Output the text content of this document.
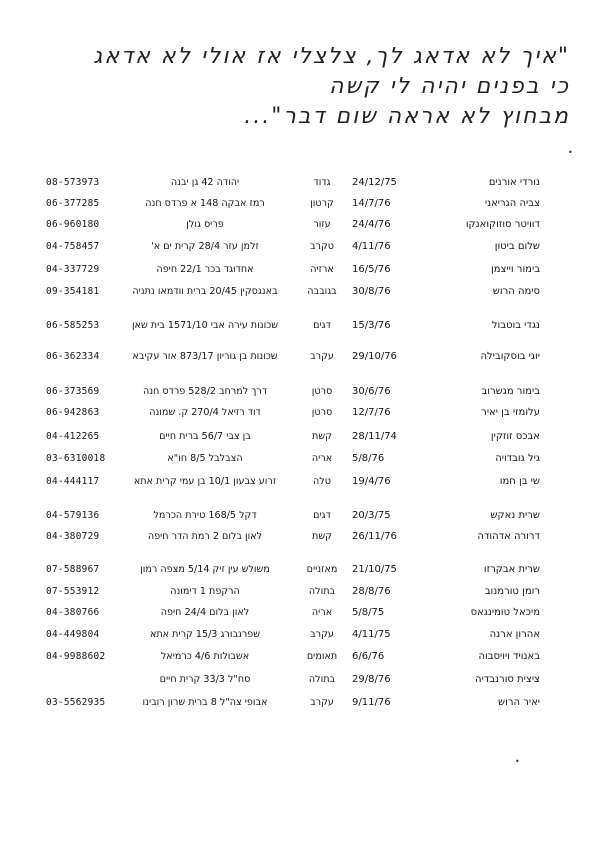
"איך לא אדאג לך, צלצלי אז אולי לא אדאג
כי בפנים יהיה לי קשה
מבחוץ לא אראה שום דבר"...
•
נורדי אורנים
24/12/75
גדוד
יהודה 42 גן יבנה
08-573973
צביה הגריאני
14/7/76
קרטון
רמז אבקה 148 א פרדס חנה
06-377285
דוויטר סוזוקואנקו
24/4/76
עזור
פריס גולן
06-960180
שלום ביטון
4/11/76
טקרב
זלמן עזר 28/4 קרית ים א'
04-758457
בימור וייצמן
16/5/76
ארזיה
אחדוגד בכר 22/1 חיפה
04-337729
סימה הרוש
30/8/76
בגובבה
באנגסקין 20/45 ברית וודמאו נתניה
09-354181
נגדי בוטבול
15/3/76
דגים
שכונות עירה אבי 1571/10 בית שאן
06-585253
יוגי בוסקובילה
29/10/76
עקרב
שכונות בן גוריון 873/17 אור עקיבא
06-362334
בימור מגשרוב
30/6/76
סרטן
דרך למרחב 528/2 פרדס חנה
06-373569
עלומזי בן יאיר
12/7/76
סרטן
דוד רזיאל 270/4 ק. שמונה
06-942863
אבכס זוזקין
28/11/74
קשת
בן צבי 56/7 ברית חיים
04-412265
גיל גובדויה
5/8/76
אריה
הצבלבל 8/5 חו"א
03-6310018
שי בן חמו
19/4/76
טלה
זרוע צבעון 10/1 בן עמי קרית אתא
04-444117
שרית נאקש
20/3/75
דגים
דקל 168/5 טירת הכרמל
04-579136
דרורה אדהודה
26/11/76
קשת
לאון בלום 2 רמת הדר חיפה
04-380729
שרית אבקרזו
21/10/75
מאזניים
משולש עין זיק 5/14 מצפה רמון
07-588967
רומן טורמנוב
28/8/76
בתולה
הרקפת 1 דימונה
07-553912
מיכאל טומינגאס
5/8/75
אריה
לאון בלום 24/4 חיפה
04-380766
אהרון ארנה
4/11/75
עקרב
שפרנבורג 15/3 קרית אתא
04-449804
באנויד ויויסבוה
6/6/76
תאומים
אשבולות 4/6 כרמיאל
04-9988602
ציצית סורנבדיה
29/8/76
בתולה
סח"ל 33/3 קרית חיים
יאיר הרוש
9/11/76
עקרב
אבופי צה"ל 8 ברית שרון רובינו
03-5562935
•
